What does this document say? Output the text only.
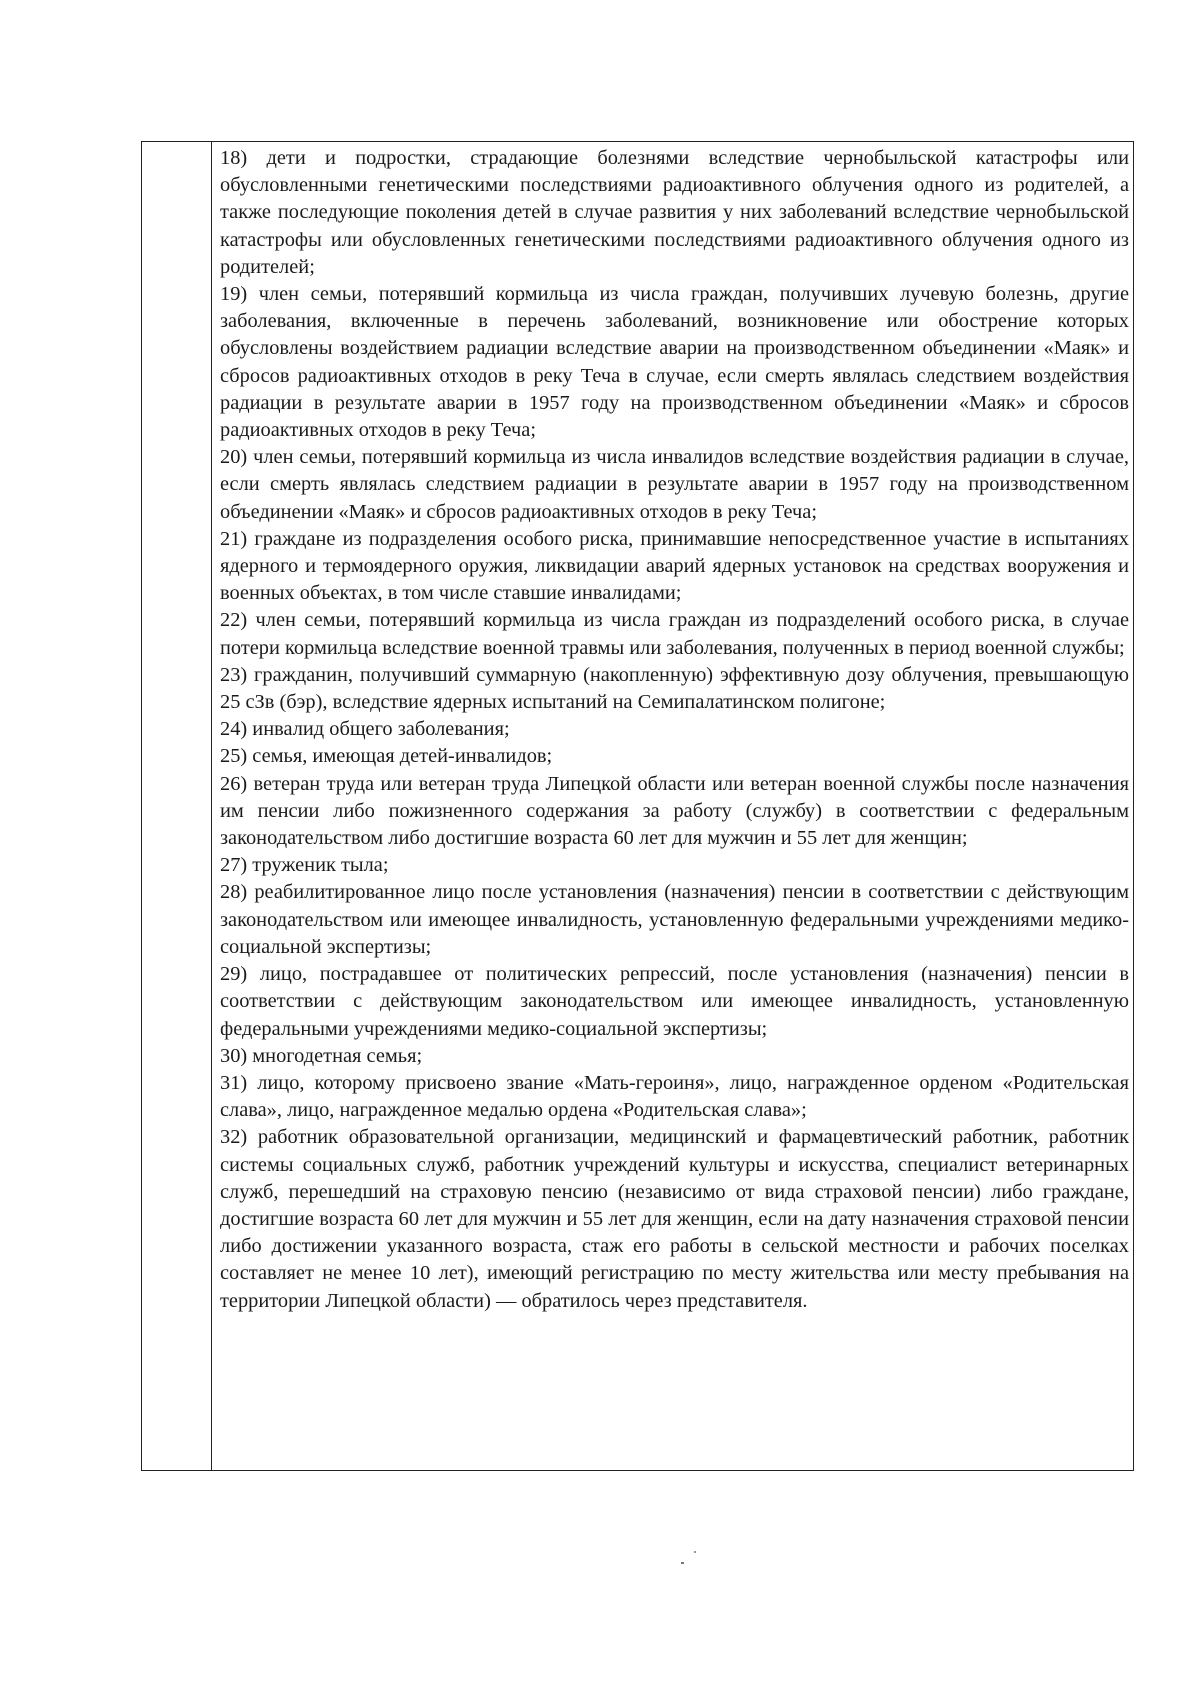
18) дети и подростки, страдающие болезнями вследствие чернобыльской катастрофы или обусловленными генетическими последствиями радиоактивного облучения одного из родителей, а также последующие поколения детей в случае развития у них заболеваний вследствие чернобыльской катастрофы или обусловленных генетическими последствиями радиоактивного облучения одного из родителей;

19) член семьи, потерявший кормильца из числа граждан, получивших лучевую болезнь, другие заболевания, включенные в перечень заболеваний, возникновение или обострение которых обусловлены воздействием радиации вследствие аварии на производственном объединении «Маяк» и сбросов радиоактивных отходов в реку Теча в случае, если смерть являлась следствием воздействия радиации в результате аварии в 1957 году на производственном объединении «Маяк» и сбросов радиоактивных отходов в реку Теча;

20) член семьи, потерявший кормильца из числа инвалидов вследствие воздействия радиации в случае, если смерть являлась следствием радиации в результате аварии в 1957 году на производственном объединении «Маяк» и сбросов радиоактивных отходов в реку Теча;

21) граждане из подразделения особого риска, принимавшие непосредственное участие в испытаниях ядерного и термоядерного оружия, ликвидации аварий ядерных установок на средствах вооружения и военных объектах, в том числе ставшие инвалидами;

22) член семьи, потерявший кормильца из числа граждан из подразделений особого риска, в случае потери кормильца вследствие военной травмы или заболевания, полученных в период военной службы;

23) гражданин, получивший суммарную (накопленную) эффективную дозу облучения, превышающую 25 сЗв (бэр), вследствие ядерных испытаний на Семипалатинском полигоне;

24) инвалид общего заболевания;

25) семья, имеющая детей-инвалидов;

26) ветеран труда или ветеран труда Липецкой области или ветеран военной службы после назначения им пенсии либо пожизненного содержания за работу (службу) в соответствии с федеральным законодательством либо достигшие возраста 60 лет для мужчин и 55 лет для женщин;

27) труженик тыла;

28) реабилитированное лицо после установления (назначения) пенсии в соответствии с действующим законодательством или имеющее инвалидность, установленную федеральными учреждениями медико-социальной экспертизы;

29) лицо, пострадавшее от политических репрессий, после установления (назначения) пенсии в соответствии с действующим законодательством или имеющее инвалидность, установленную федеральными учреждениями медико-социальной экспертизы;

30) многодетная семья;

31) лицо, которому присвоено звание «Мать-героиня», лицо, награжденное орденом «Родительская слава», лицо, награжденное медалью ордена «Родительская слава»;

32) работник образовательной организации, медицинский и фармацевтический работник, работник системы социальных служб, работник учреждений культуры и искусства, специалист ветеринарных служб, перешедший на страховую пенсию (независимо от вида страховой пенсии) либо граждане, достигшие возраста 60 лет для мужчин и 55 лет для женщин, если на дату назначения страховой пенсии либо достижении указанного возраста, стаж его работы в сельской местности и рабочих поселках составляет не менее 10 лет), имеющий регистрацию по месту жительства или месту пребывания на территории Липецкой области) — обратилось через представителя.
